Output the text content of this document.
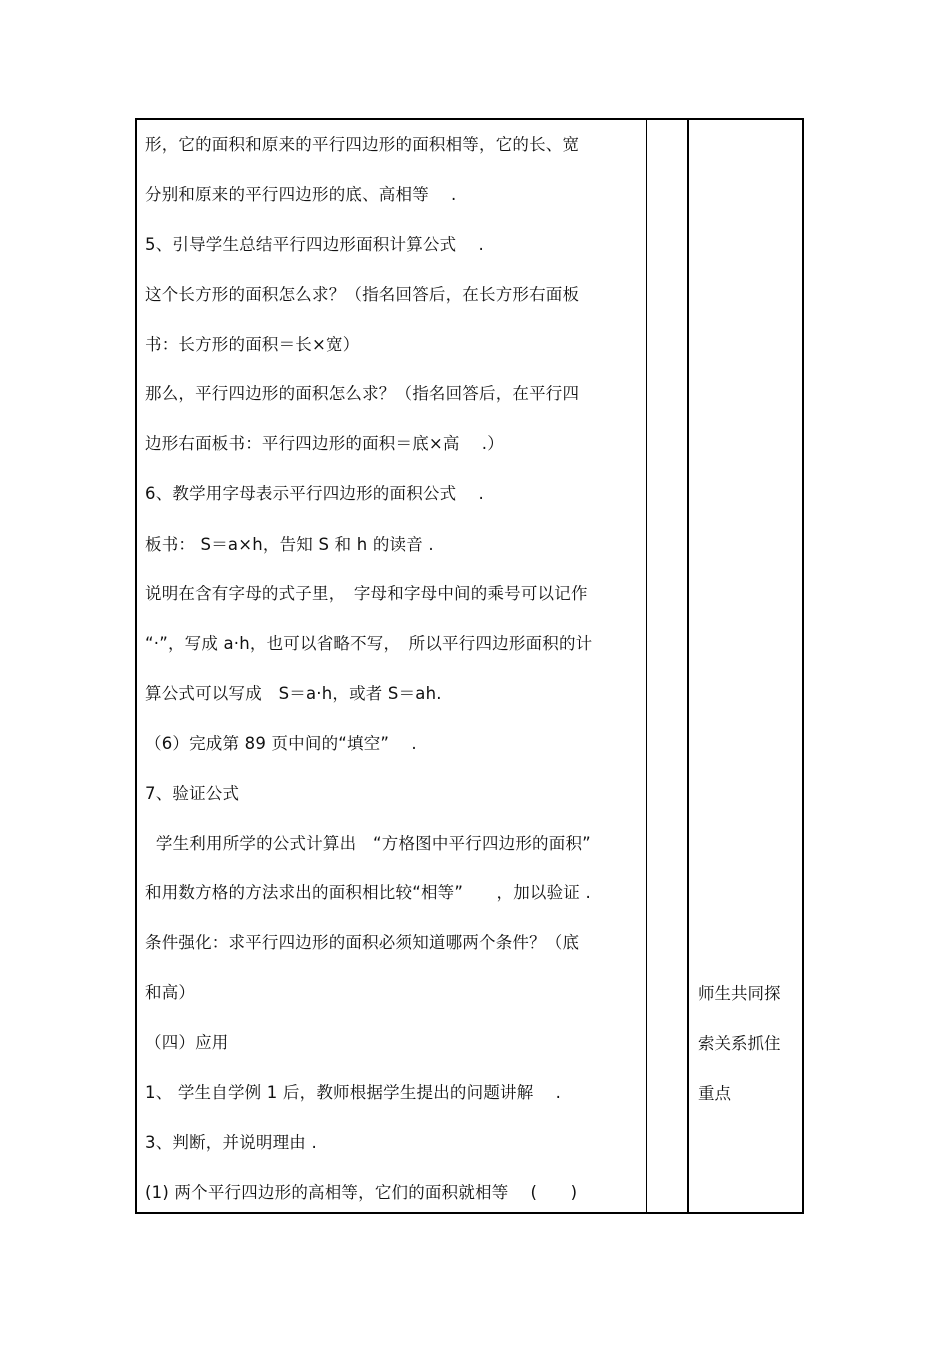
形，它的面积和原来的平行四边形的面积相等，它的长、宽
分别和原来的平行四边形的底、高相等 　.
5、引导学生总结平行四边形面积计算公式 　.
这个长方形的面积怎么求？（指名回答后，在长方形右面板
书：长方形的面积＝长×宽）
那么，平行四边形的面积怎么求？（指名回答后，在平行四
边形右面板书：平行四边形的面积＝底×高 　.）
6、教学用字母表示平行四边形的面积公式 　.
板书： S＝a×h，告知 S 和 h 的读音 .
说明在含有字母的式子里，　字母和字母中间的乘号可以记作
“·”，写成 a·h，也可以省略不写，　所以平行四边形面积的计
算公式可以写成　S＝a·h，或者 S＝ah.
（6）完成第 89 页中间的“填空” 　.
7、验证公式
学生利用所学的公式计算出　“方格图中平行四边形的面积”
和用数方格的方法求出的面积相比较“相等”　　，加以验证 .
条件强化：求平行四边形的面积必须知道哪两个条件？（底
和高）
（四）应用
1、 学生自学例 1 后，教师根据学生提出的问题讲解 　.
3、判断，并说明理由 .
(1) 两个平行四边形的高相等，它们的面积就相等 　(　　)
师生共同探
索关系抓住
重点
